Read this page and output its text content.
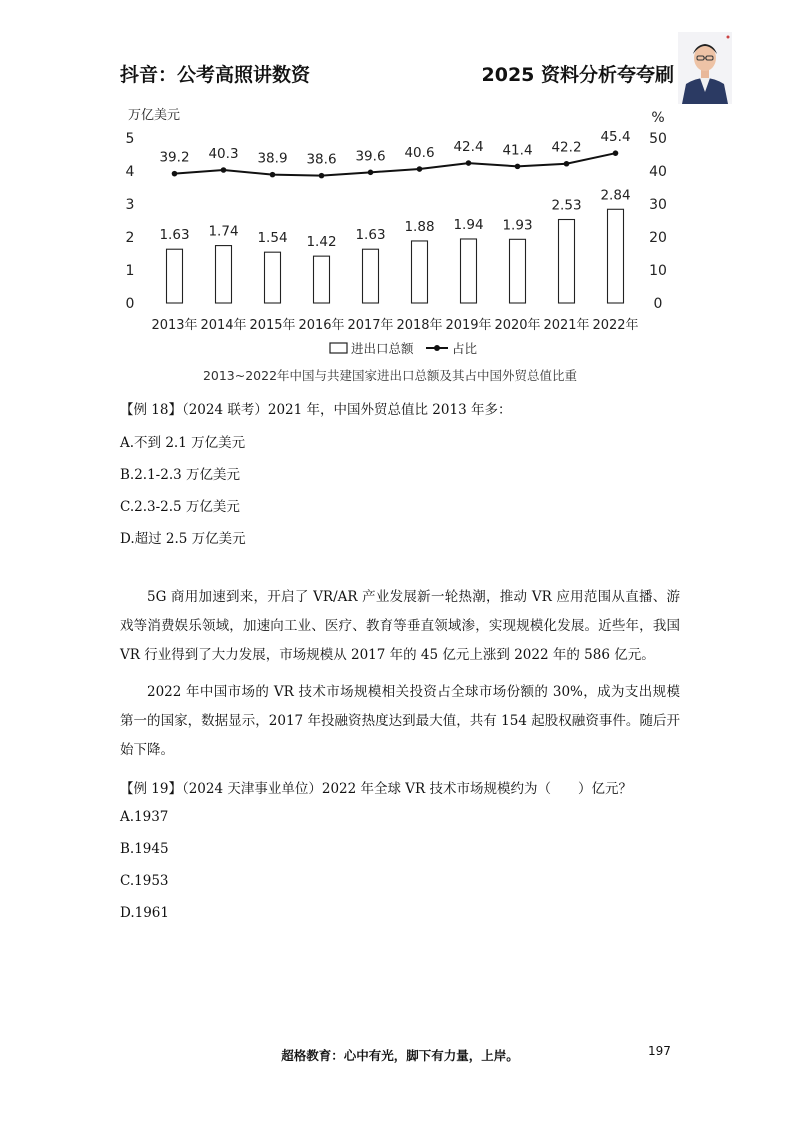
抖音：公考高照讲数资	2025 资料分析夸夸刷
万亿美元	%
0
1
2
3
4
5
0
10
20
30
40
50
1.63 1.74 1.54 1.42 1.63
1.88 1.94 1.93
2.53
2.84
39.2 40.3 38.9 38.6 39.6 40.6 42.4 41.4 42.2
45.4
2013年 2014年 2015年 2016年 2017年 2018年 2019年 2020年 2021年 2022年
进出口总额	占比
2013~2022年中国与共建国家进出口总额及其占中国外贸总值比重
【例 18】（2024 联考）2021 年，中国外贸总值比 2013 年多：
A.不到 2.1 万亿美元
B.2.1-2.3 万亿美元
C.2.3-2.5 万亿美元
D.超过 2.5 万亿美元
5G 商用加速到来，开启了 VR/AR 产业发展新一轮热潮，推动 VR 应用范围从直播、游戏等消费娱乐领域，加速向工业、医疗、教育等垂直领域渗，实现规模化发展。近些年，我国 VR 行业得到了大力发展，市场规模从 2017 年的 45 亿元上涨到 2022 年的 586 亿元。
2022 年中国市场的 VR 技术市场规模相关投资占全球市场份额的 30%，成为支出规模第一的国家，数据显示，2017 年投融资热度达到最大值，共有 154 起股权融资事件。随后开始下降。
【例 19】（2024 天津事业单位）2022 年全球 VR 技术市场规模约为（　　）亿元？
A.1937
B.1945
C.1953
D.1961
超格教育：心中有光，脚下有力量，上岸。	197
